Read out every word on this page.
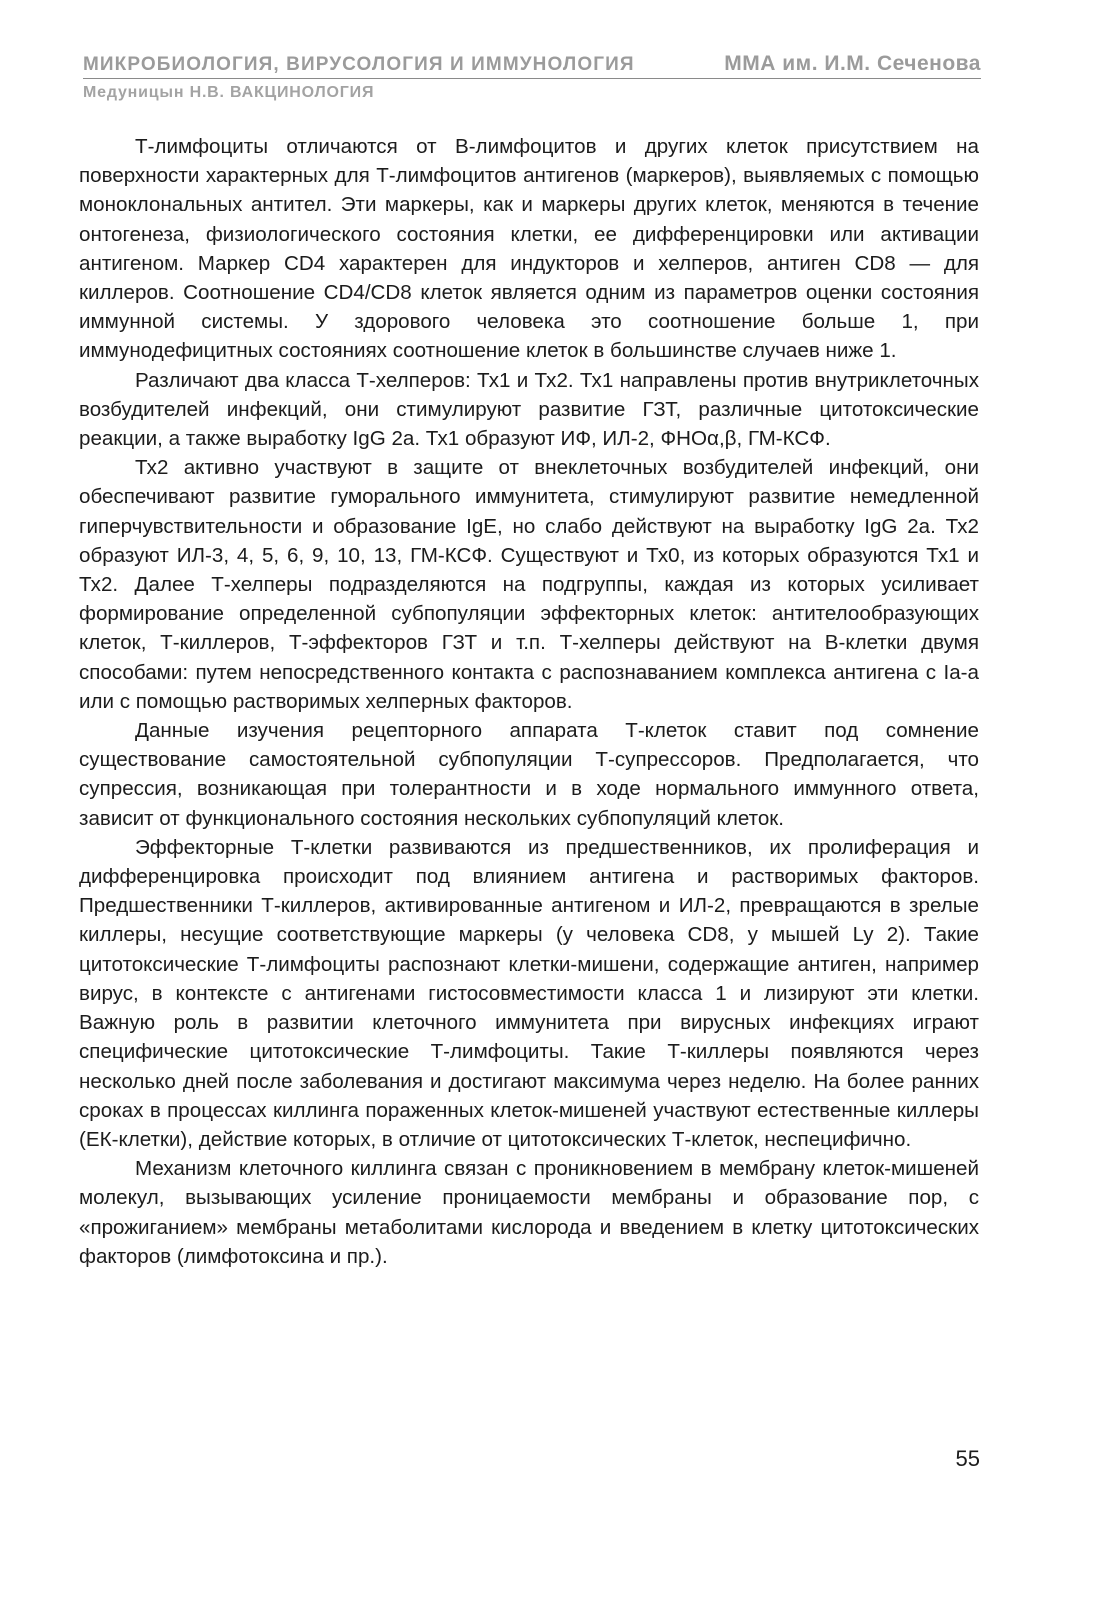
МИКРОБИОЛОГИЯ, ВИРУСОЛОГИЯ И ИММУНОЛОГИЯ	ММА им. И.М. Сеченова
Медуницын Н.В. ВАКЦИНОЛОГИЯ

Т-лимфоциты отличаются от В-лимфоцитов и других клеток присутствием на поверхности характерных для Т-лимфоцитов антигенов (маркеров), выявляемых с помощью моноклональных антител. Эти маркеры, как и маркеры других клеток, меняются в течение онтогенеза, физиологического состояния клетки, ее дифференцировки или активации антигеном. Маркер CD4 характерен для индукторов и хелперов, антиген CD8 — для киллеров. Соотношение CD4/CD8 клеток является одним из параметров оценки состояния иммунной системы. У здорового человека это соотношение больше 1, при иммунодефицитных состояниях соотношение клеток в большинстве случаев ниже 1.

Различают два класса Т-хелперов: Тх1 и Тх2. Тх1 направлены против внутриклеточных возбудителей инфекций, они стимулируют развитие ГЗТ, различные цитотоксические реакции, а также выработку IgG 2a. Тх1 образуют ИФ, ИЛ-2, ФНОα,β, ГМ-КСФ.

Тх2 активно участвуют в защите от внеклеточных возбудителей инфекций, они обеспечивают развитие гуморального иммунитета, стимулируют развитие немедленной гиперчувствительности и образование IgE, но слабо действуют на выработку IgG 2a. Тх2 образуют ИЛ-3, 4, 5, 6, 9, 10, 13, ГМ-КСФ. Существуют и Тх0, из которых образуются Тх1 и Тх2. Далее Т-хелперы подразделяются на подгруппы, каждая из которых усиливает формирование определенной субпопуляции эффекторных клеток: антителообразующих клеток, Т-киллеров, Т-эффекторов ГЗТ и т.п. Т-хелперы действуют на В-клетки двумя способами: путем непосредственного контакта с распознаванием комплекса антигена с Ia-а или с помощью растворимых хелперных факторов.

Данные изучения рецепторного аппарата Т-клеток ставит под сомнение существование самостоятельной субпопуляции Т-супрессоров. Предполагается, что супрессия, возникающая при толерантности и в ходе нормального иммунного ответа, зависит от функционального состояния нескольких субпопуляций клеток.

Эффекторные Т-клетки развиваются из предшественников, их пролиферация и дифференцировка происходит под влиянием антигена и растворимых факторов. Предшественники Т-киллеров, активированные антигеном и ИЛ-2, превращаются в зрелые киллеры, несущие соответствующие маркеры (у человека CD8, у мышей Ly 2). Такие цитотоксические Т-лимфоциты распознают клетки-мишени, содержащие антиген, например вирус, в контексте с антигенами гистосовместимости класса 1 и лизируют эти клетки. Важную роль в развитии клеточного иммунитета при вирусных инфекциях играют специфические цитотоксические Т-лимфоциты. Такие Т-киллеры появляются через несколько дней после заболевания и достигают максимума через неделю. На более ранних сроках в процессах киллинга пораженных клеток-мишеней участвуют естественные киллеры (ЕК-клетки), действие которых, в отличие от цитотоксических Т-клеток, неспецифично.

Механизм клеточного киллинга связан с проникновением в мембрану клеток-мишеней молекул, вызывающих усиление проницаемости мембраны и образование пор, с «прожиганием» мембраны метаболитами кислорода и введением в клетку цитотоксических факторов (лимфотоксина и пр.).

55
